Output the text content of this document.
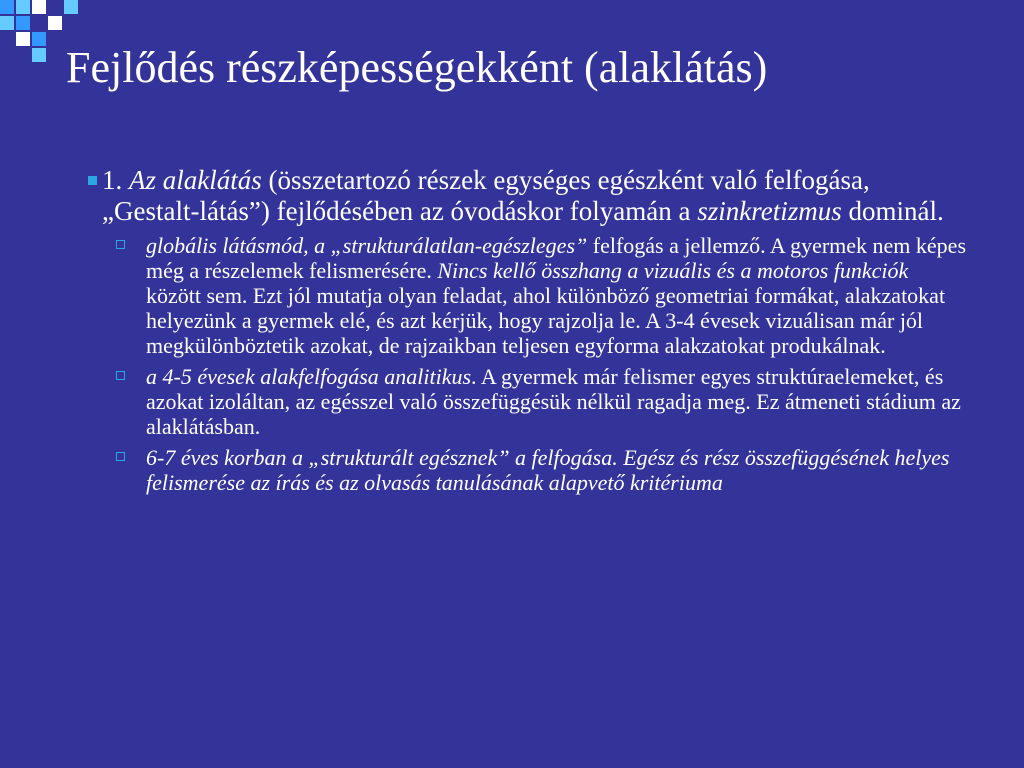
Fejlődés részképességekként (alaklátás)

1. Az alaklátás (összetartozó részek egységes egészként való felfogása, „Gestalt-látás”) fejlődésében az óvodáskor folyamán a szinkretizmus dominál.

globális látásmód, a „strukturálatlan-egészleges” felfogás a jellemző. A gyermek nem képes még a részelemek felismerésére. Nincs kellő összhang a vizuális és a motoros funkciók között sem. Ezt jól mutatja olyan feladat, ahol különböző geometriai formákat, alakzatokat helyezünk a gyermek elé, és azt kérjük, hogy rajzolja le. A 3-4 évesek vizuálisan már jól megkülönböztetik azokat, de rajzaikban teljesen egyforma alakzatokat produkálnak.
a 4-5 évesek alakfelfogása analitikus. A gyermek már felismer egyes struktúraelemeket, és azokat izoláltan, az egésszel való összefüggésük nélkül ragadja meg. Ez átmeneti stádium az alaklátásban.
6-7 éves korban a „strukturált egésznek” a felfogása. Egész és rész összefüggésének helyes felismerése az írás és az olvasás tanulásának alapvető kritériuma
